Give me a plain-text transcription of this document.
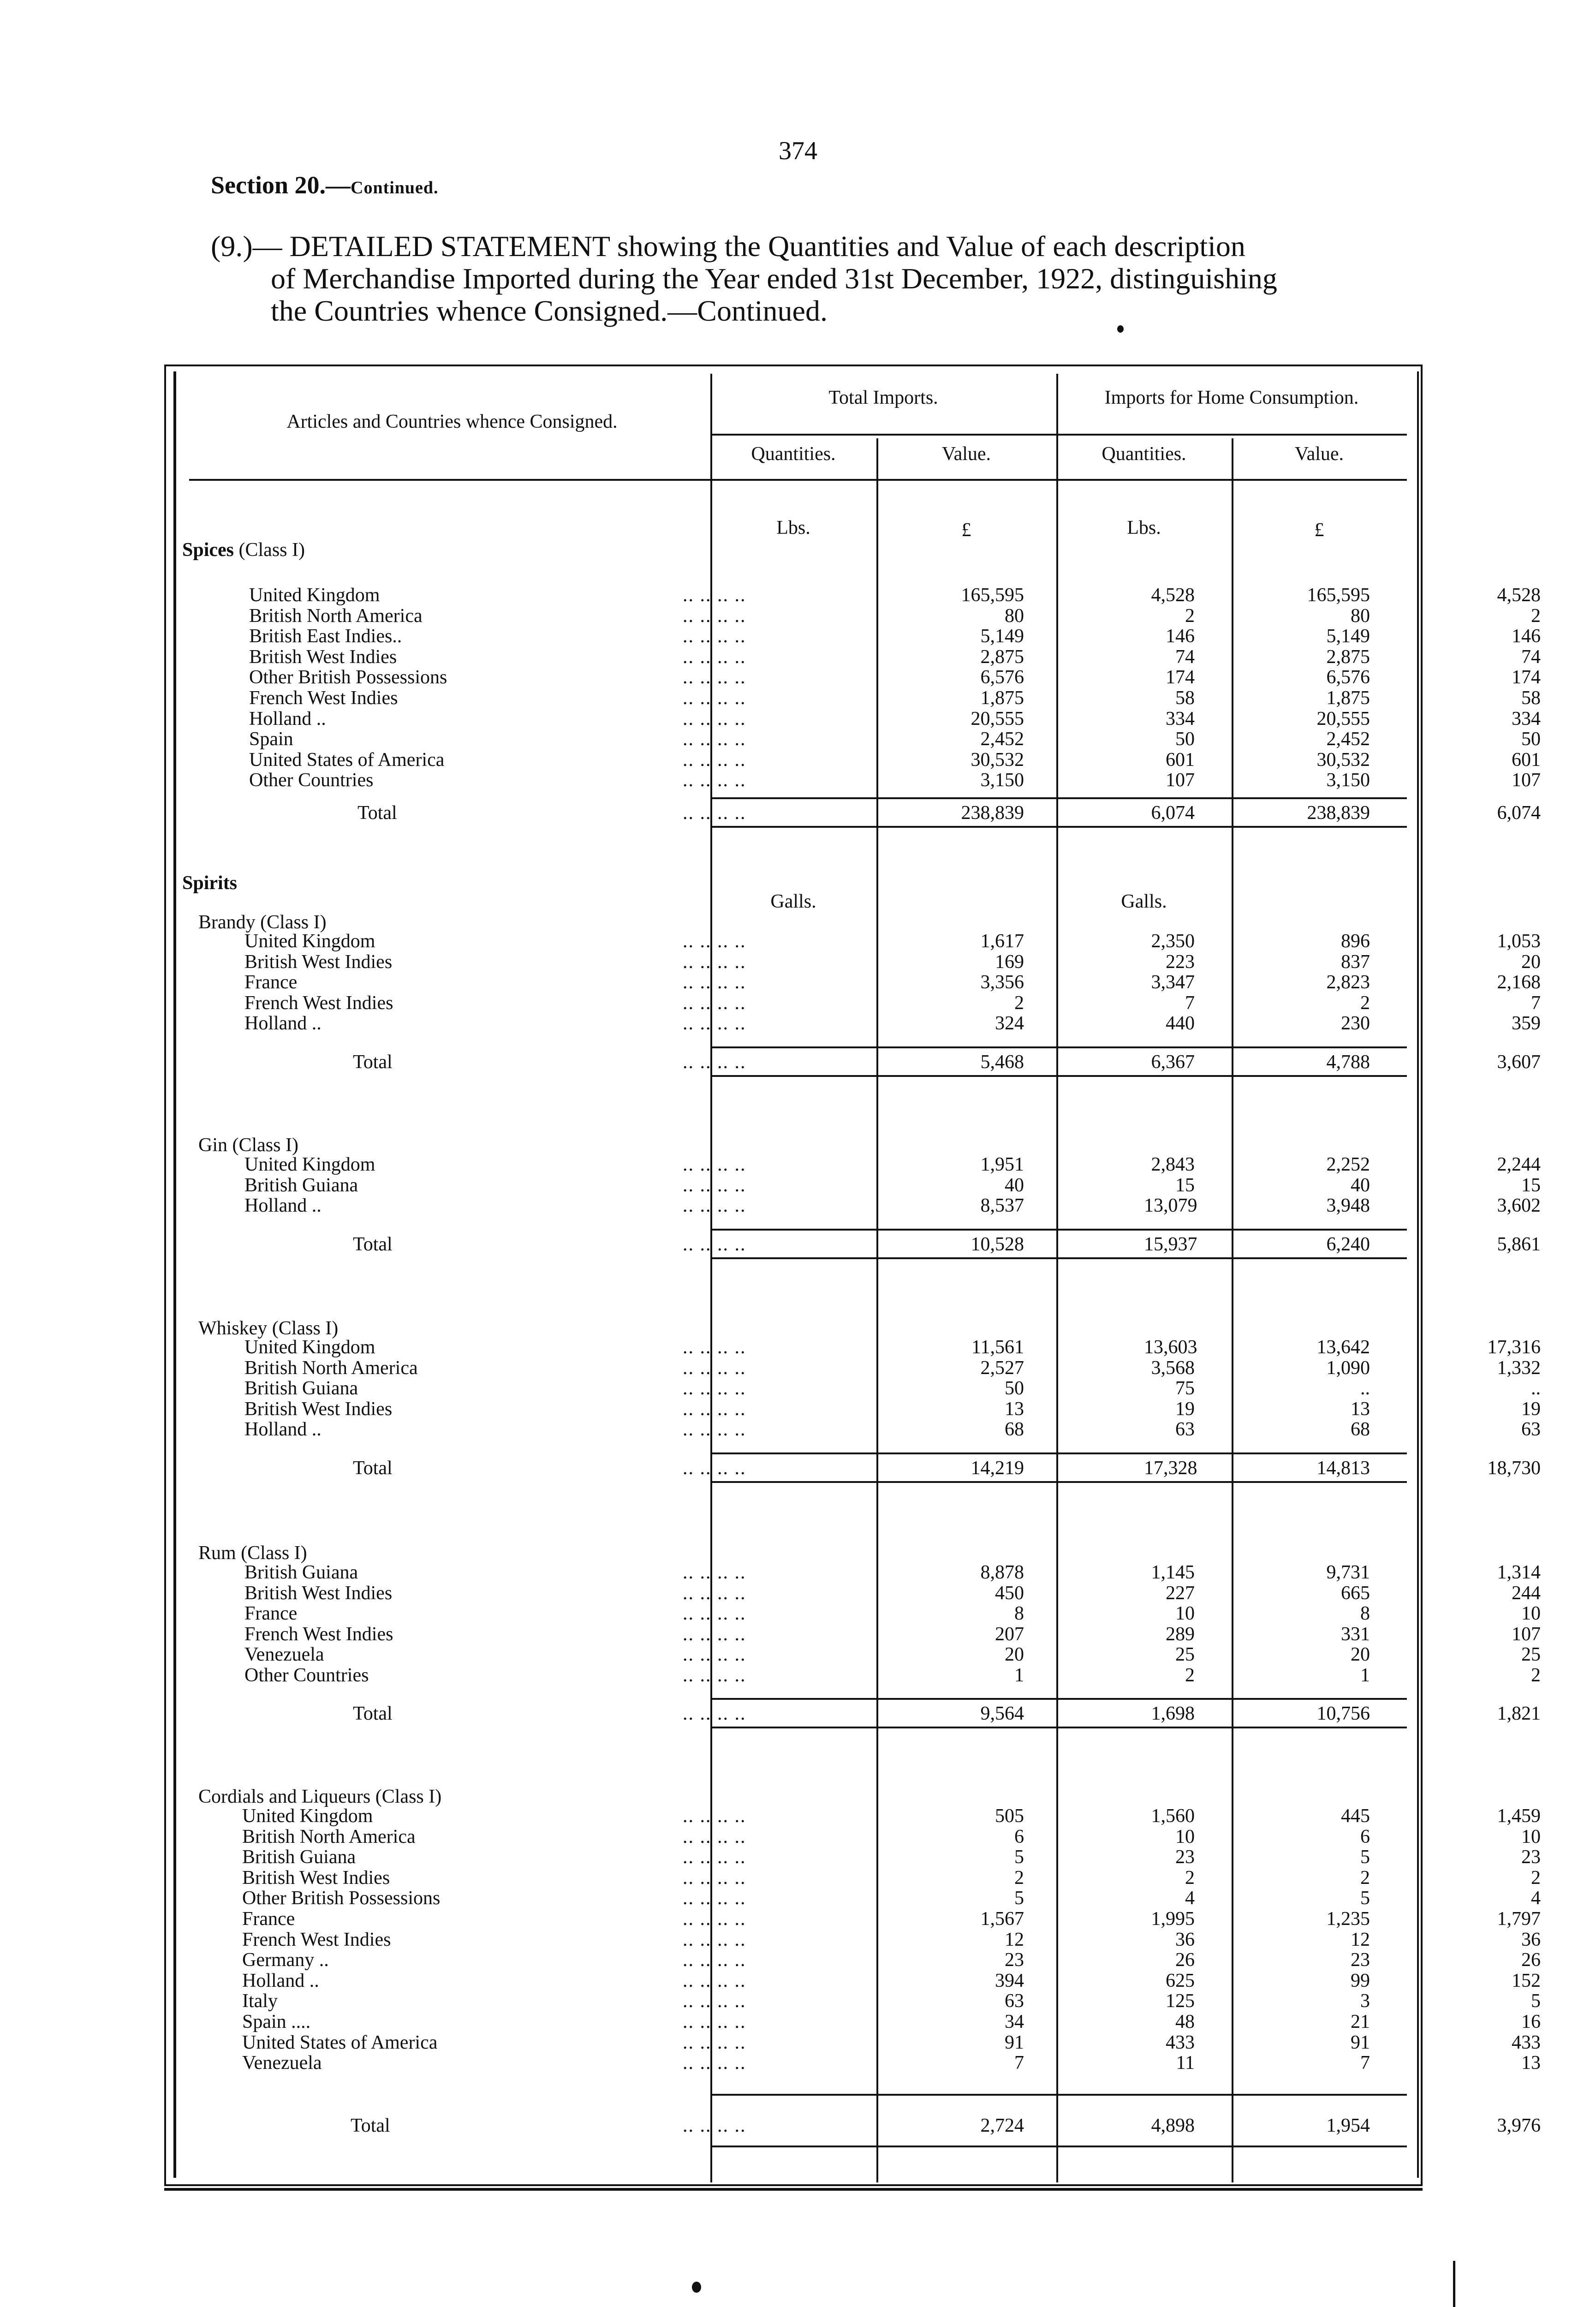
374
Section 20.—Continued.
(9.)— DETAILED STATEMENT showing the Quantities and Value of each description
of Merchandise Imported during the Year ended 31st December, 1922, distinguishing
the Countries whence Consigned.—Continued.
Articles and Countries whence Consigned.
Total Imports.	Imports for Home Consumption.
Quantities.	Value.	Quantities.	Value.
Lbs.	£	Lbs.	£
Spices (Class I)
United Kingdom	.. .. .. ..	165,595	4,528	165,595	4,528
British North America	.. .. .. ..	80	2	80	2
British East Indies..	.. .. .. ..	5,149	146	5,149	146
British West Indies	.. .. .. ..	2,875	74	2,875	74
Other British Possessions	.. .. .. ..	6,576	174	6,576	174
French West Indies	.. .. .. ..	1,875	58	1,875	58
Holland ..	.. .. .. ..	20,555	334	20,555	334
Spain	.. .. .. ..	2,452	50	2,452	50
United States of America	.. .. .. ..	30,532	601	30,532	601
Other Countries	.. .. .. ..	3,150	107	3,150	107
Total	.. .. .. ..	238,839	6,074	238,839	6,074
Spirits
Galls.	Galls.
Brandy (Class I)
United Kingdom	.. .. .. ..	1,617	2,350	896	1,053
British West Indies	.. .. .. ..	169	223	837	20
France	.. .. .. ..	3,356	3,347	2,823	2,168
French West Indies	.. .. .. ..	2	7	2	7
Holland ..	.. .. .. ..	324	440	230	359
Total	.. .. .. ..	5,468	6,367	4,788	3,607
Gin (Class I)
United Kingdom	.. .. .. ..	1,951	2,843	2,252	2,244
British Guiana	.. .. .. ..	40	15	40	15
Holland ..	.. .. .. ..	8,537	13,079	3,948	3,602
Total	.. .. .. ..	10,528	15,937	6,240	5,861
Whiskey (Class I)
United Kingdom	.. .. .. ..	11,561	13,603	13,642	17,316
British North America	.. .. .. ..	2,527	3,568	1,090	1,332
British Guiana	.. .. .. ..	50	75	..	..
British West Indies	.. .. .. ..	13	19	13	19
Holland ..	.. .. .. ..	68	63	68	63
Total	.. .. .. ..	14,219	17,328	14,813	18,730
Rum (Class I)
British Guiana	.. .. .. ..	8,878	1,145	9,731	1,314
British West Indies	.. .. .. ..	450	227	665	244
France	.. .. .. ..	8	10	8	10
French West Indies	.. .. .. ..	207	289	331	107
Venezuela	.. .. .. ..	20	25	20	25
Other Countries	.. .. .. ..	1	2	1	2
Total	.. .. .. ..	9,564	1,698	10,756	1,821
Cordials and Liqueurs (Class I)
United Kingdom	.. .. .. ..	505	1,560	445	1,459
British North America	.. .. .. ..	6	10	6	10
British Guiana	.. .. .. ..	5	23	5	23
British West Indies	.. .. .. ..	2	2	2	2
Other British Possessions	.. .. .. ..	5	4	5	4
France	.. .. .. ..	1,567	1,995	1,235	1,797
French West Indies	.. .. .. ..	12	36	12	36
Germany ..	.. .. .. ..	23	26	23	26
Holland ..	.. .. .. ..	394	625	99	152
Italy	.. .. .. ..	63	125	3	5
Spain ....	.. .. .. ..	34	48	21	16
United States of America	.. .. .. ..	91	433	91	433
Venezuela	.. .. .. ..	7	11	7	13
Total	.. .. .. ..	2,724	4,898	1,954	3,976
